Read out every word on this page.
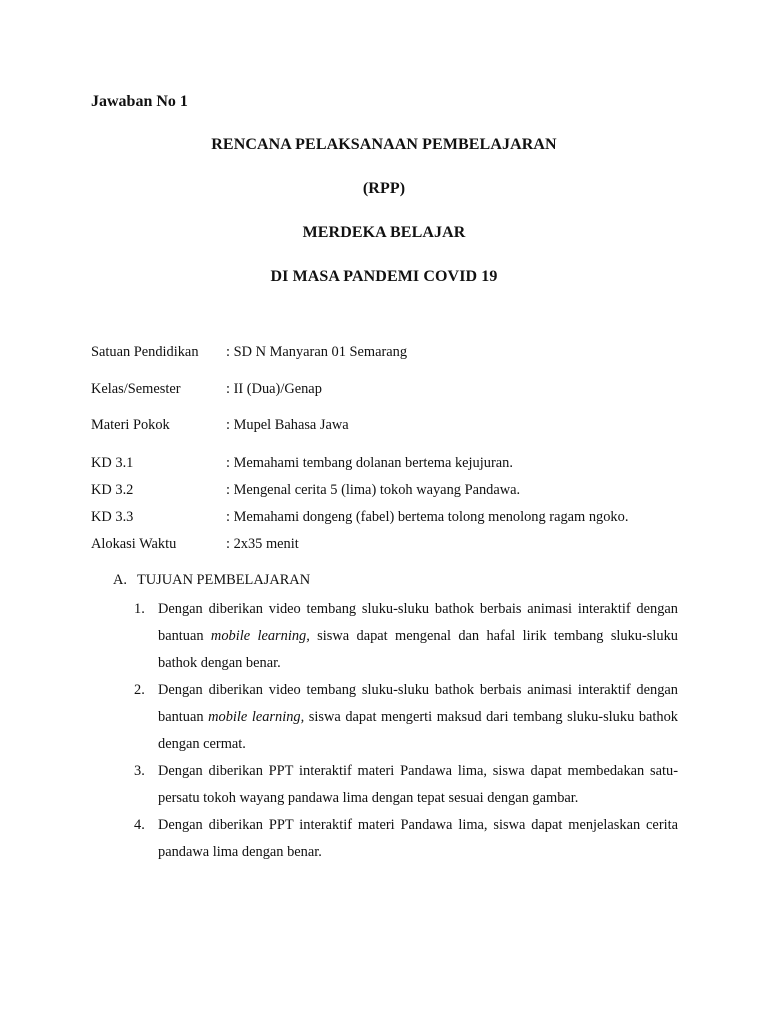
Jawaban No 1
RENCANA PELAKSANAAN PEMBELAJARAN
(RPP)
MERDEKA BELAJAR
DI MASA PANDEMI COVID 19
Satuan Pendidikan	: SD N Manyaran 01 Semarang
Kelas/Semester	: II (Dua)/Genap
Materi Pokok	: Mupel Bahasa Jawa
KD 3.1	: Memahami tembang dolanan bertema kejujuran.
KD 3.2	: Mengenal cerita 5 (lima) tokoh wayang Pandawa.
KD 3.3	: Memahami dongeng (fabel) bertema tolong menolong ragam ngoko.
Alokasi Waktu	: 2x35 menit
A. TUJUAN PEMBELAJARAN
1. Dengan diberikan video tembang sluku-sluku bathok berbais animasi interaktif dengan bantuan mobile learning, siswa dapat mengenal dan hafal lirik tembang sluku-sluku bathok dengan benar.
2. Dengan diberikan video tembang sluku-sluku bathok berbais animasi interaktif dengan bantuan mobile learning, siswa dapat mengerti maksud dari tembang sluku-sluku bathok dengan cermat.
3. Dengan diberikan PPT interaktif materi Pandawa lima, siswa dapat membedakan satu-persatu tokoh wayang pandawa lima dengan tepat sesuai dengan gambar.
4. Dengan diberikan PPT interaktif materi Pandawa lima, siswa dapat menjelaskan cerita pandawa lima dengan benar.
